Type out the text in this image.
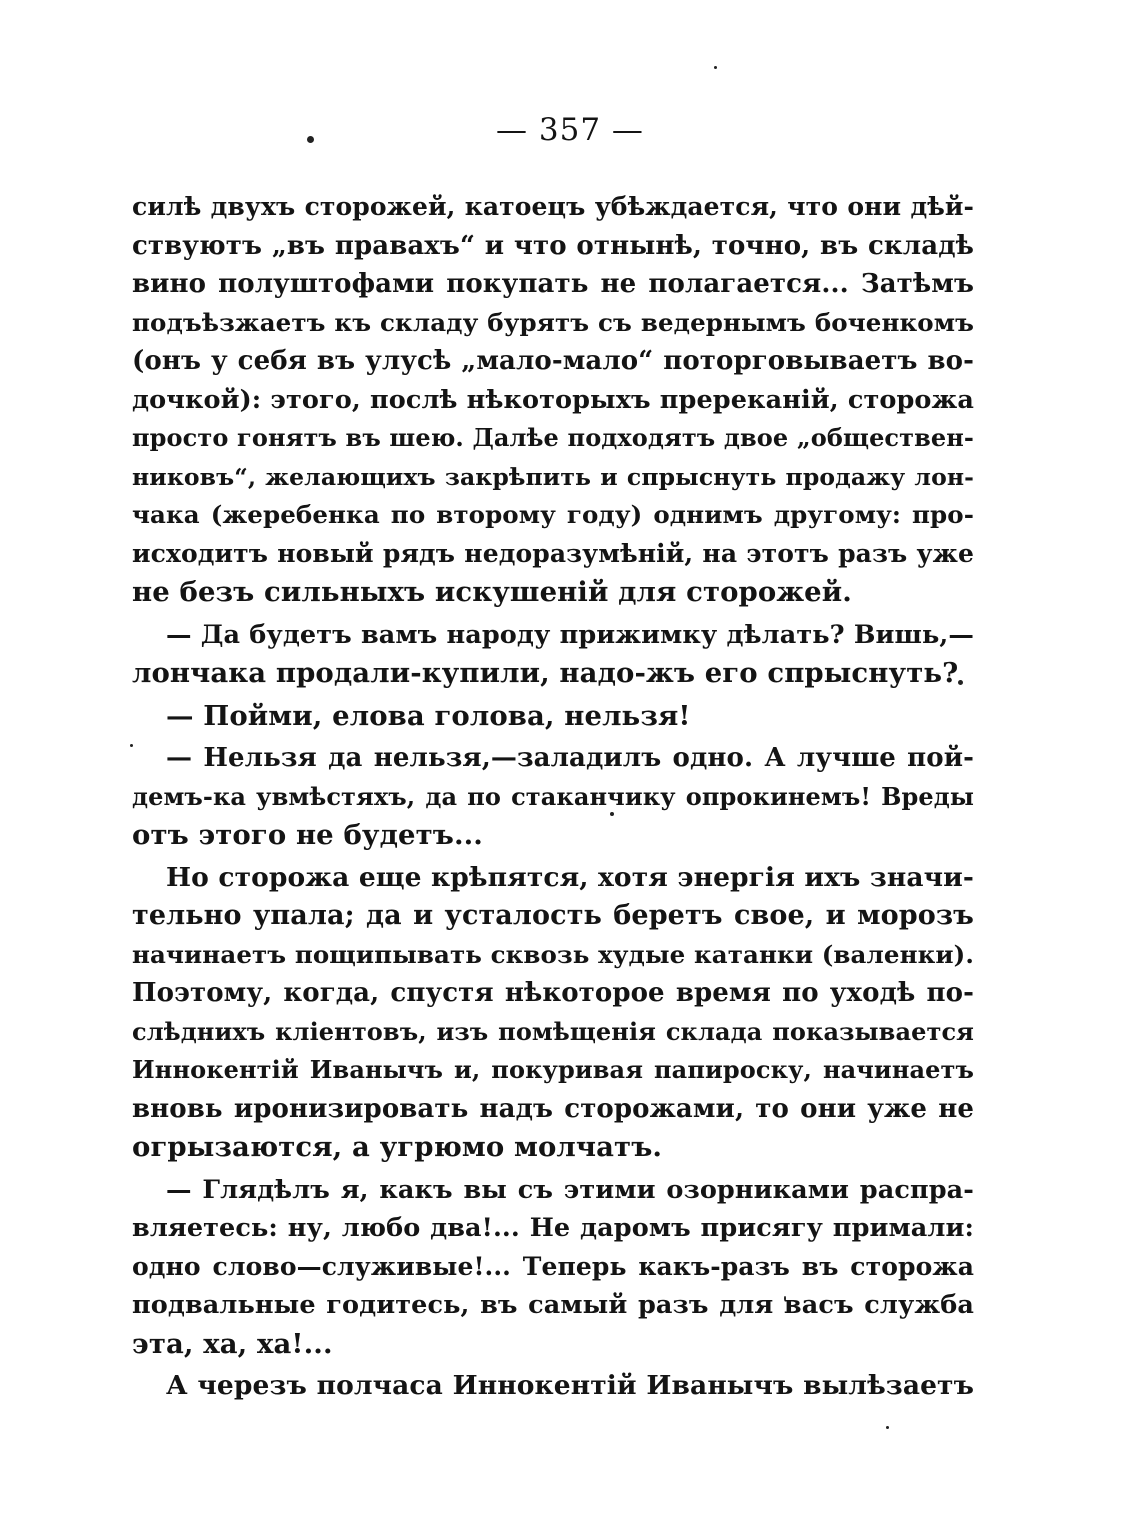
— 357 —
силѣ двухъ сторожей, катоецъ убѣждается, что они дѣй-
ствуютъ „въ правахъ“ и что отнынѣ, точно, въ складѣ
вино полуштофами покупать не полагается... Затѣмъ
подъѣзжаетъ къ складу бурятъ съ ведернымъ боченкомъ
(онъ у себя въ улусѣ „мало-мало“ поторговываетъ во-
дочкой): этого, послѣ нѣкоторыхъ пререканій, сторожа
просто гонятъ въ шею. Далѣе подходятъ двое „обществен-
никовъ“, желающихъ закрѣпить и спрыснуть продажу лон-
чака (жеребенка по второму году) однимъ другому: про-
исходитъ новый рядъ недоразумѣній, на этотъ разъ уже
не безъ сильныхъ искушеній для сторожей.
— Да будетъ вамъ народу прижимку дѣлать? Вишь,—
лончака продали-купили, надо-жъ его спрыснуть?
— Пойми, елова голова, нельзя!
— Нельзя да нельзя,—заладилъ одно. А лучше пой-
демъ-ка увмѣстяхъ, да по стаканчику опрокинемъ! Вреды
отъ этого не будетъ...
Но сторожа еще крѣпятся, хотя энергія ихъ значи-
тельно упала; да и усталость беретъ свое, и морозъ
начинаетъ пощипывать сквозь худые катанки (валенки).
Поэтому, когда, спустя нѣкоторое время по уходѣ по-
слѣднихъ клiентовъ, изъ помѣщенія склада показывается
Иннокентій Иванычъ и, покуривая папироску, начинаетъ
вновь иронизировать надъ сторожами, то они уже не
огрызаются, а угрюмо молчатъ.
— Глядѣлъ я, какъ вы съ этими озорниками распра-
вляетесь: ну, любо два!... Не даромъ присягу примали:
одно слово—служивые!... Теперь какъ-разъ въ сторожа
подвальные годитесь, въ самый разъ для васъ служба
эта, ха, ха!...
А черезъ полчаса Иннокентій Иванычъ вылѣзаетъ
